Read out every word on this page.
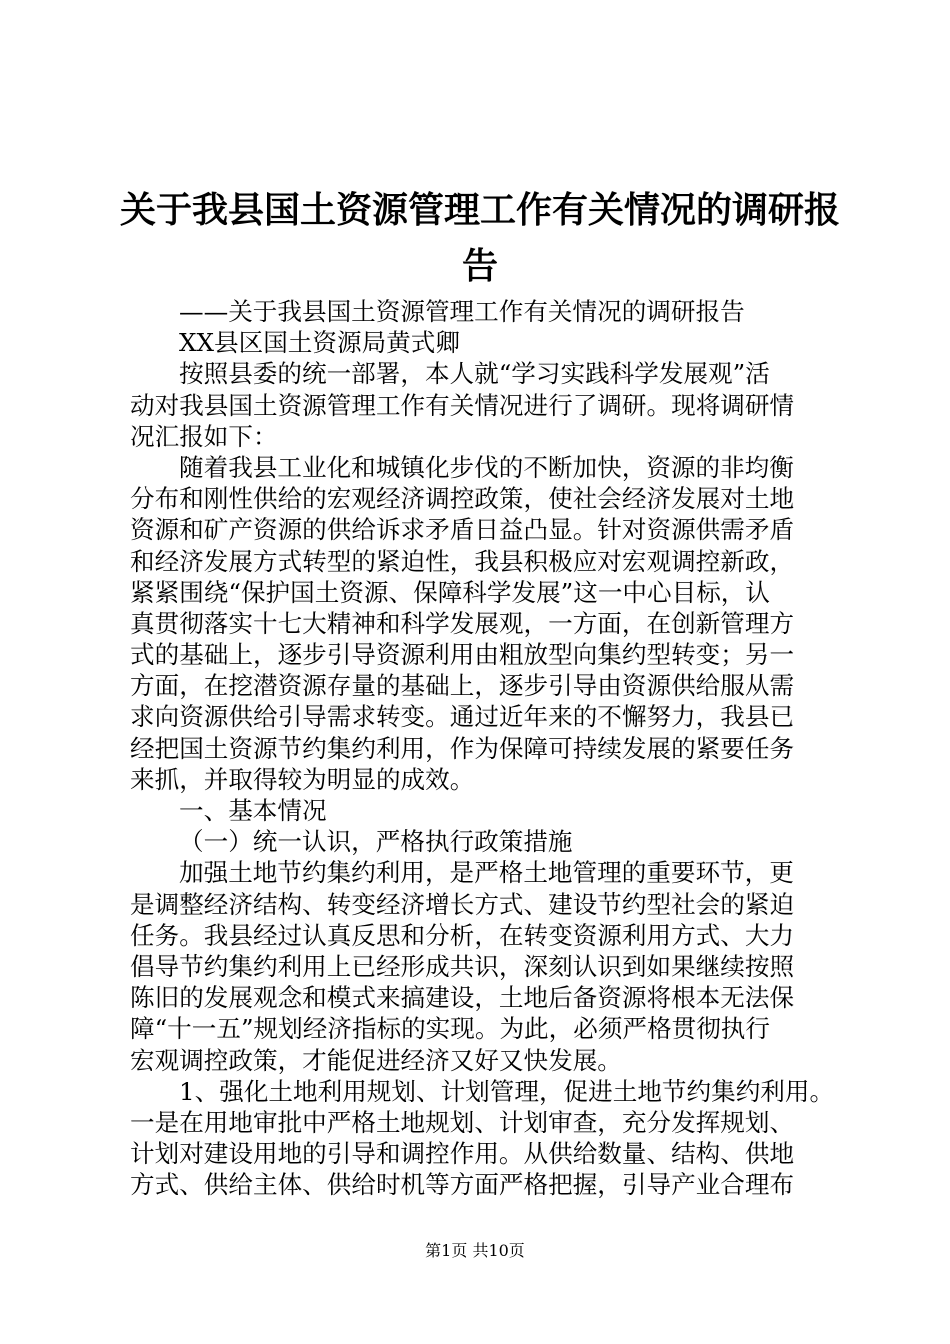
关于我县国土资源管理工作有关情况的调研报
告
——关于我县国土资源管理工作有关情况的调研报告
XX县区国土资源局黄式卿
按照县委的统一部署，本人就“学习实践科学发展观”活
动对我县国土资源管理工作有关情况进行了调研。现将调研情
况汇报如下：
随着我县工业化和城镇化步伐的不断加快，资源的非均衡
分布和刚性供给的宏观经济调控政策，使社会经济发展对土地
资源和矿产资源的供给诉求矛盾日益凸显。针对资源供需矛盾
和经济发展方式转型的紧迫性，我县积极应对宏观调控新政，
紧紧围绕“保护国土资源、保障科学发展”这一中心目标，认
真贯彻落实十七大精神和科学发展观，一方面，在创新管理方
式的基础上，逐步引导资源利用由粗放型向集约型转变；另一
方面，在挖潜资源存量的基础上，逐步引导由资源供给服从需
求向资源供给引导需求转变。通过近年来的不懈努力，我县已
经把国土资源节约集约利用，作为保障可持续发展的紧要任务
来抓，并取得较为明显的成效。
一、基本情况
（一）统一认识，严格执行政策措施
加强土地节约集约利用，是严格土地管理的重要环节，更
是调整经济结构、转变经济增长方式、建设节约型社会的紧迫
任务。我县经过认真反思和分析，在转变资源利用方式、大力
倡导节约集约利用上已经形成共识，深刻认识到如果继续按照
陈旧的发展观念和模式来搞建设，土地后备资源将根本无法保
障“十一五”规划经济指标的实现。为此，必须严格贯彻执行
宏观调控政策，才能促进经济又好又快发展。
1、强化土地利用规划、计划管理，促进土地节约集约利用。
一是在用地审批中严格土地规划、计划审查，充分发挥规划、
计划对建设用地的引导和调控作用。从供给数量、结构、供地
方式、供给主体、供给时机等方面严格把握，引导产业合理布
第1页 共10页
